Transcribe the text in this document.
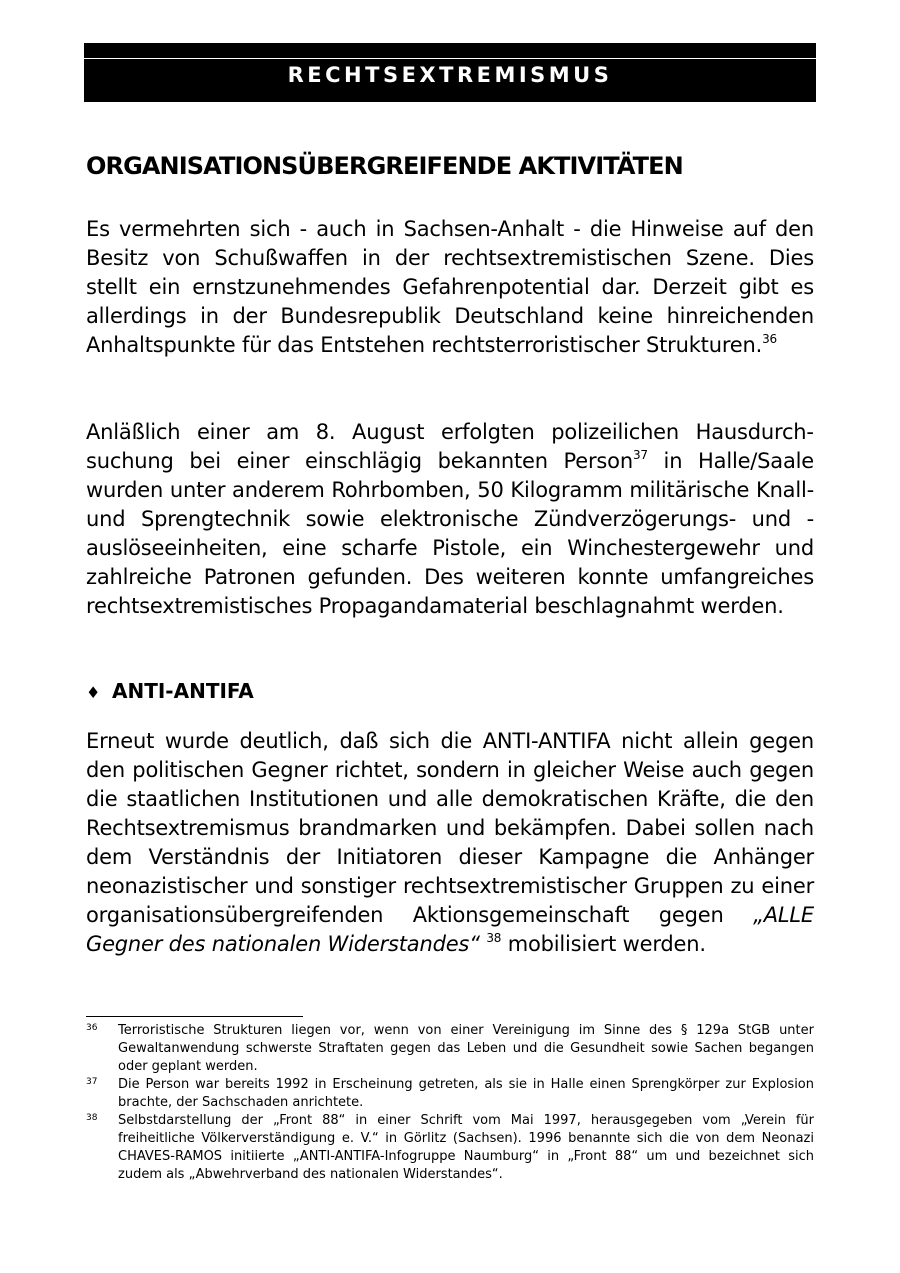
RECHTSEXTREMISMUS
ORGANISATIONSÜBERGREIFENDE AKTIVITÄTEN

Es vermehrten sich - auch in Sachsen-Anhalt - die Hinweise auf den Besitz von Schußwaffen in der rechtsextremistischen Szene. Dies stellt ein ernstzunehmendes Gefahrenpotential dar. Derzeit gibt es allerdings in der Bundesrepublik Deutschland keine hinreichenden Anhaltspunkte für das Entstehen rechtsterroristischer Strukturen.$^{36}$

Anläßlich einer am 8. August erfolgten polizeilichen Hausdurchsuchung bei einer einschlägig bekannten Person$^{37}$ in Halle/Saale wurden unter anderem Rohrbomben, 50 Kilogramm militärische Knall- und Sprengtechnik sowie elektronische Zündverzögerungs- und -auslöseeinheiten, eine scharfe Pistole, ein Winchestergewehr und zahlreiche Patronen gefunden. Des weiteren konnte umfangreiches rechtsextremistisches Propagandamaterial beschlagnahmt werden.

♦ ANTI-ANTIFA

Erneut wurde deutlich, daß sich die ANTI-ANTIFA nicht allein gegen den politischen Gegner richtet, sondern in gleicher Weise auch gegen die staatlichen Institutionen und alle demokratischen Kräfte, die den Rechtsextremismus brandmarken und bekämpfen. Dabei sollen nach dem Verständnis der Initiatoren dieser Kampagne die Anhänger neonazistischer und sonstiger rechtsextremistischer Gruppen zu einer organisationsübergreifenden Aktionsgemeinschaft gegen „ALLE Gegner des nationalen Widerstandes“ $^{38}$ mobilisiert werden.

36 Terroristische Strukturen liegen vor, wenn von einer Vereinigung im Sinne des § 129a StGB unter Gewaltanwendung schwerste Straftaten gegen das Leben und die Gesundheit sowie Sachen begangen oder geplant werden.

37 Die Person war bereits 1992 in Erscheinung getreten, als sie in Halle einen Sprengkörper zur Explosion brachte, der Sachschaden anrichtete.

38 Selbstdarstellung der „Front 88“ in einer Schrift vom Mai 1997, herausgegeben vom „Verein für freiheitliche Völkerverständigung e. V.“ in Görlitz (Sachsen). 1996 benannte sich die von dem Neonazi CHAVES-RAMOS initiierte „ANTI-ANTIFA-Infogruppe Naumburg“ in „Front 88“ um und bezeichnet sich zudem als „Abwehrverband des nationalen Widerstandes“.
